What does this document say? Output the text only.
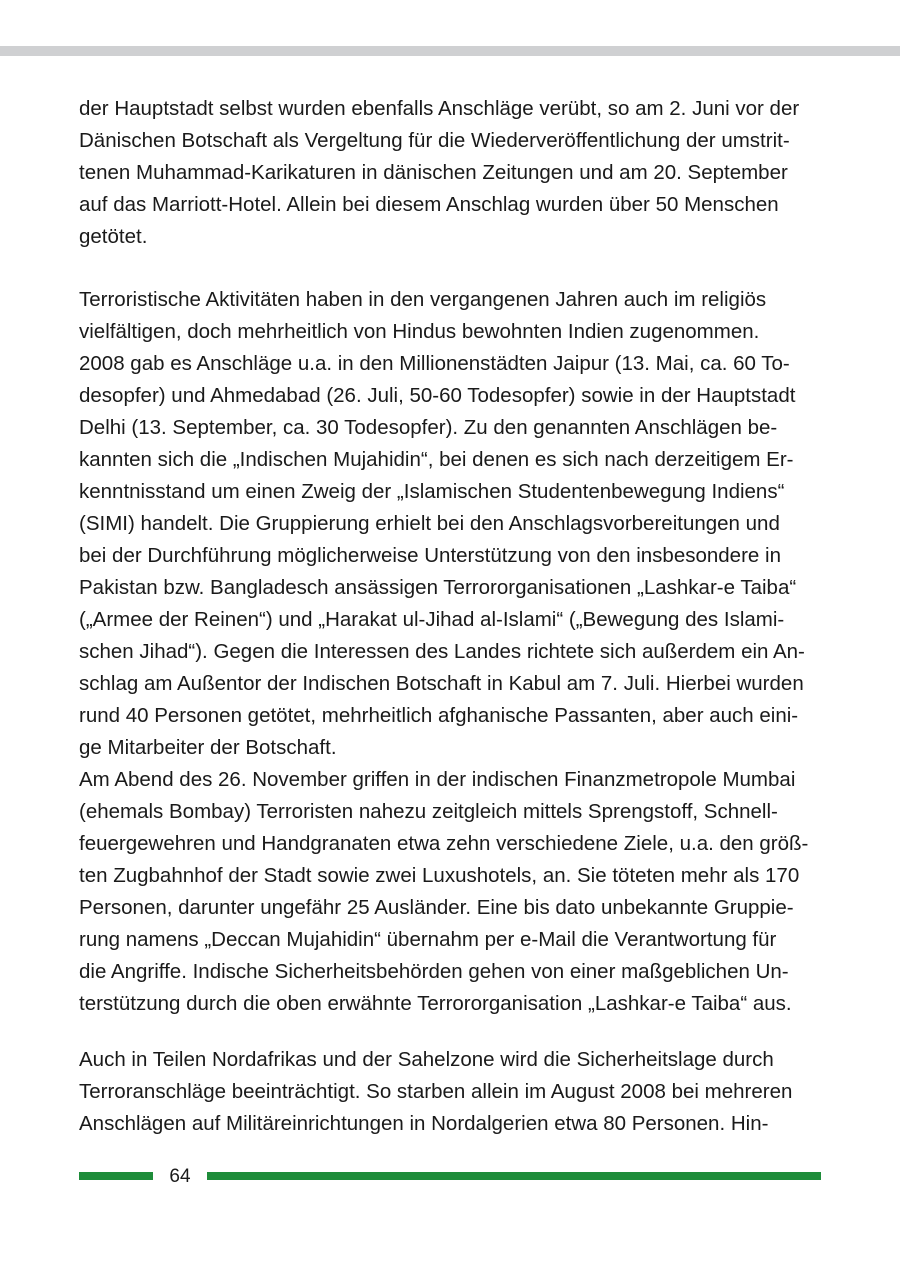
der Hauptstadt selbst wurden ebenfalls Anschläge verübt, so am 2. Juni vor der
Dänischen Botschaft als Vergeltung für die Wiederveröffentlichung der umstrit-
tenen Muhammad-Karikaturen in dänischen Zeitungen und am 20. September
auf das Marriott-Hotel. Allein bei diesem Anschlag wurden über 50 Menschen
getötet.
Terroristische Aktivitäten haben in den vergangenen Jahren auch im religiös
vielfältigen, doch mehrheitlich von Hindus bewohnten Indien zugenommen.
2008 gab es Anschläge u.a. in den Millionenstädten Jaipur (13. Mai, ca. 60 To-
desopfer) und Ahmedabad (26. Juli, 50-60 Todesopfer) sowie in der Hauptstadt
Delhi (13. September, ca. 30 Todesopfer). Zu den genannten Anschlägen be-
kannten sich die „Indischen Mujahidin“, bei denen es sich nach derzeitigem Er-
kenntnisstand um einen Zweig der „Islamischen Studentenbewegung Indiens“
(SIMI) handelt. Die Gruppierung erhielt bei den Anschlagsvorbereitungen und
bei der Durchführung möglicherweise Unterstützung von den insbesondere in
Pakistan bzw. Bangladesch ansässigen Terrororganisationen „Lashkar-e Taiba“
(„Armee der Reinen“) und „Harakat ul-Jihad al-Islami“ („Bewegung des Islami-
schen Jihad“). Gegen die Interessen des Landes richtete sich außerdem ein An-
schlag am Außentor der Indischen Botschaft in Kabul am 7. Juli. Hierbei wurden
rund 40 Personen getötet, mehrheitlich afghanische Passanten, aber auch eini-
ge Mitarbeiter der Botschaft.
Am Abend des 26. November griffen in der indischen Finanzmetropole Mumbai
(ehemals Bombay) Terroristen nahezu zeitgleich mittels Sprengstoff, Schnell-
feuergewehren und Handgranaten etwa zehn verschiedene Ziele, u.a. den größ-
ten Zugbahnhof der Stadt sowie zwei Luxushotels, an. Sie töteten mehr als 170
Personen, darunter ungefähr 25 Ausländer. Eine bis dato unbekannte Gruppie-
rung namens „Deccan Mujahidin“ übernahm per e-Mail die Verantwortung für
die Angriffe. Indische Sicherheitsbehörden gehen von einer maßgeblichen Un-
terstützung durch die oben erwähnte Terrororganisation „Lashkar-e Taiba“ aus.
Auch in Teilen Nordafrikas und der Sahelzone wird die Sicherheitslage durch
Terroranschläge beeinträchtigt. So starben allein im August 2008 bei mehreren
Anschlägen auf Militäreinrichtungen in Nordalgerien etwa 80 Personen. Hin-
64
